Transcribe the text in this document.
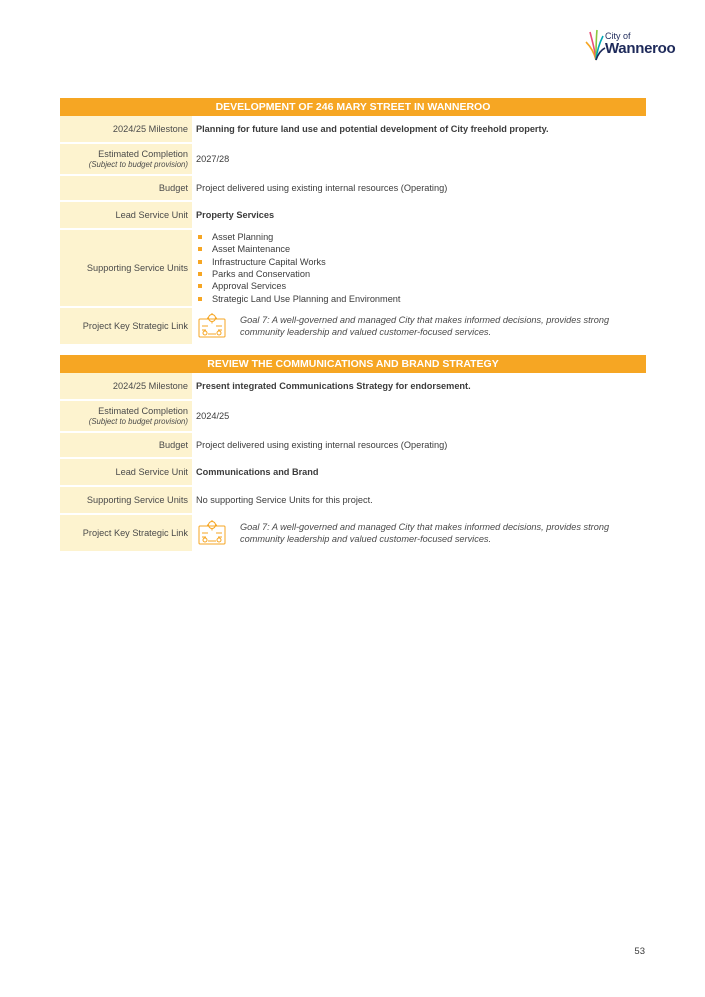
City of
Wanneroo
DEVELOPMENT OF 246 MARY STREET IN WANNEROO
2024/25 Milestone Planning for future land use and potential development of City freehold property.
Estimated Completion
(Subject to budget provision)
2027/28
Budget Project delivered using existing internal resources (Operating)
Lead Service Unit Property Services
Supporting Service Units
Asset Planning
Asset Maintenance
Infrastructure Capital Works
Parks and Conservation
Approval Services
Strategic Land Use Planning and Environment
Project Key Strategic Link
Goal 7: A well-governed and managed City that makes informed decisions, provides strong community leadership and valued customer-focused services.
REVIEW THE COMMUNICATIONS AND BRAND STRATEGY
2024/25 Milestone Present integrated Communications Strategy for endorsement.
Estimated Completion
(Subject to budget provision)
2024/25
Budget Project delivered using existing internal resources (Operating)
Lead Service Unit Communications and Brand
Supporting Service Units No supporting Service Units for this project.
Project Key Strategic Link
Goal 7: A well-governed and managed City that makes informed decisions, provides strong community leadership and valued customer-focused services.
53
